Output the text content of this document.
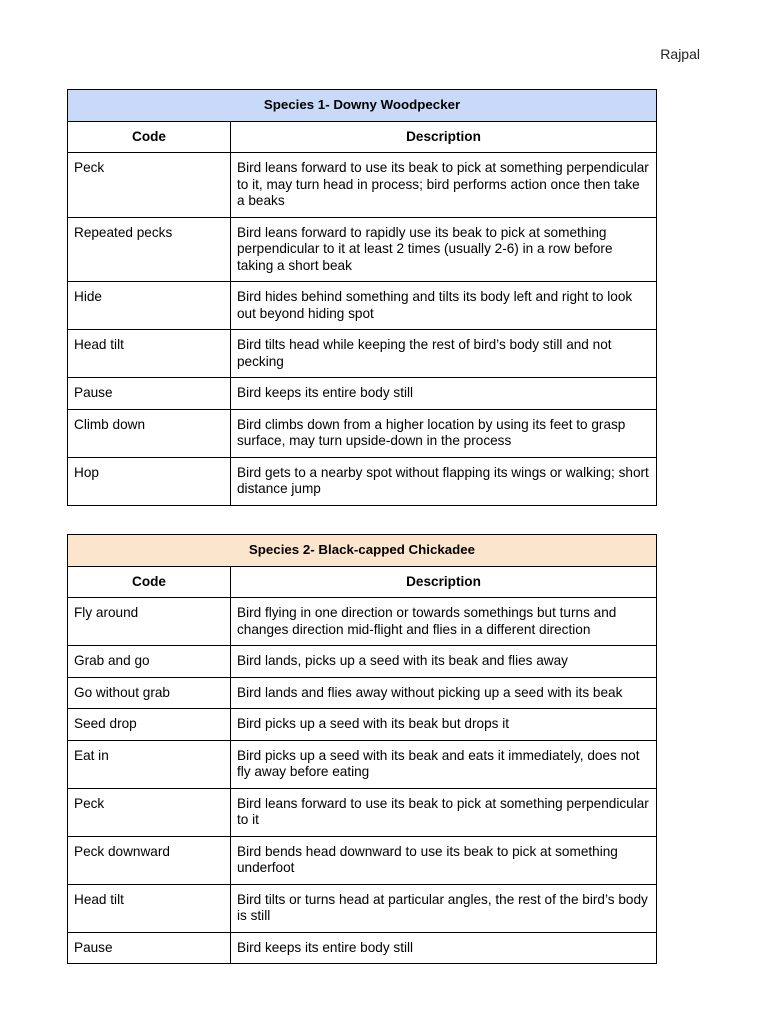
Rajpal
Species 1- Downy Woodpecker	
Code	Description
Peck	Bird leans forward to use its beak to pick at something perpendicular to it, may turn head in process; bird performs action once then take a beaks
Repeated pecks	Bird leans forward to rapidly use its beak to pick at something perpendicular to it at least 2 times (usually 2-6) in a row before taking a short beak
Hide	Bird hides behind something and tilts its body left and right to look out beyond hiding spot
Head tilt	Bird tilts head while keeping the rest of bird’s body still and not pecking
Pause	Bird keeps its entire body still
Climb down	Bird climbs down from a higher location by using its feet to grasp surface, may turn upside-down in the process
Hop	Bird gets to a nearby spot without flapping its wings or walking; short distance jump
Species 2- Black-capped Chickadee	
Code	Description
Fly around	Bird flying in one direction or towards somethings but turns and changes direction mid-flight and flies in a different direction
Grab and go	Bird lands, picks up a seed with its beak and flies away
Go without grab	Bird lands and flies away without picking up a seed with its beak
Seed drop	Bird picks up a seed with its beak but drops it
Eat in	Bird picks up a seed with its beak and eats it immediately, does not fly away before eating
Peck	Bird leans forward to use its beak to pick at something perpendicular to it
Peck downward	Bird bends head downward to use its beak to pick at something underfoot
Head tilt	Bird tilts or turns head at particular angles, the rest of the bird’s body is still
Pause	Bird keeps its entire body still
